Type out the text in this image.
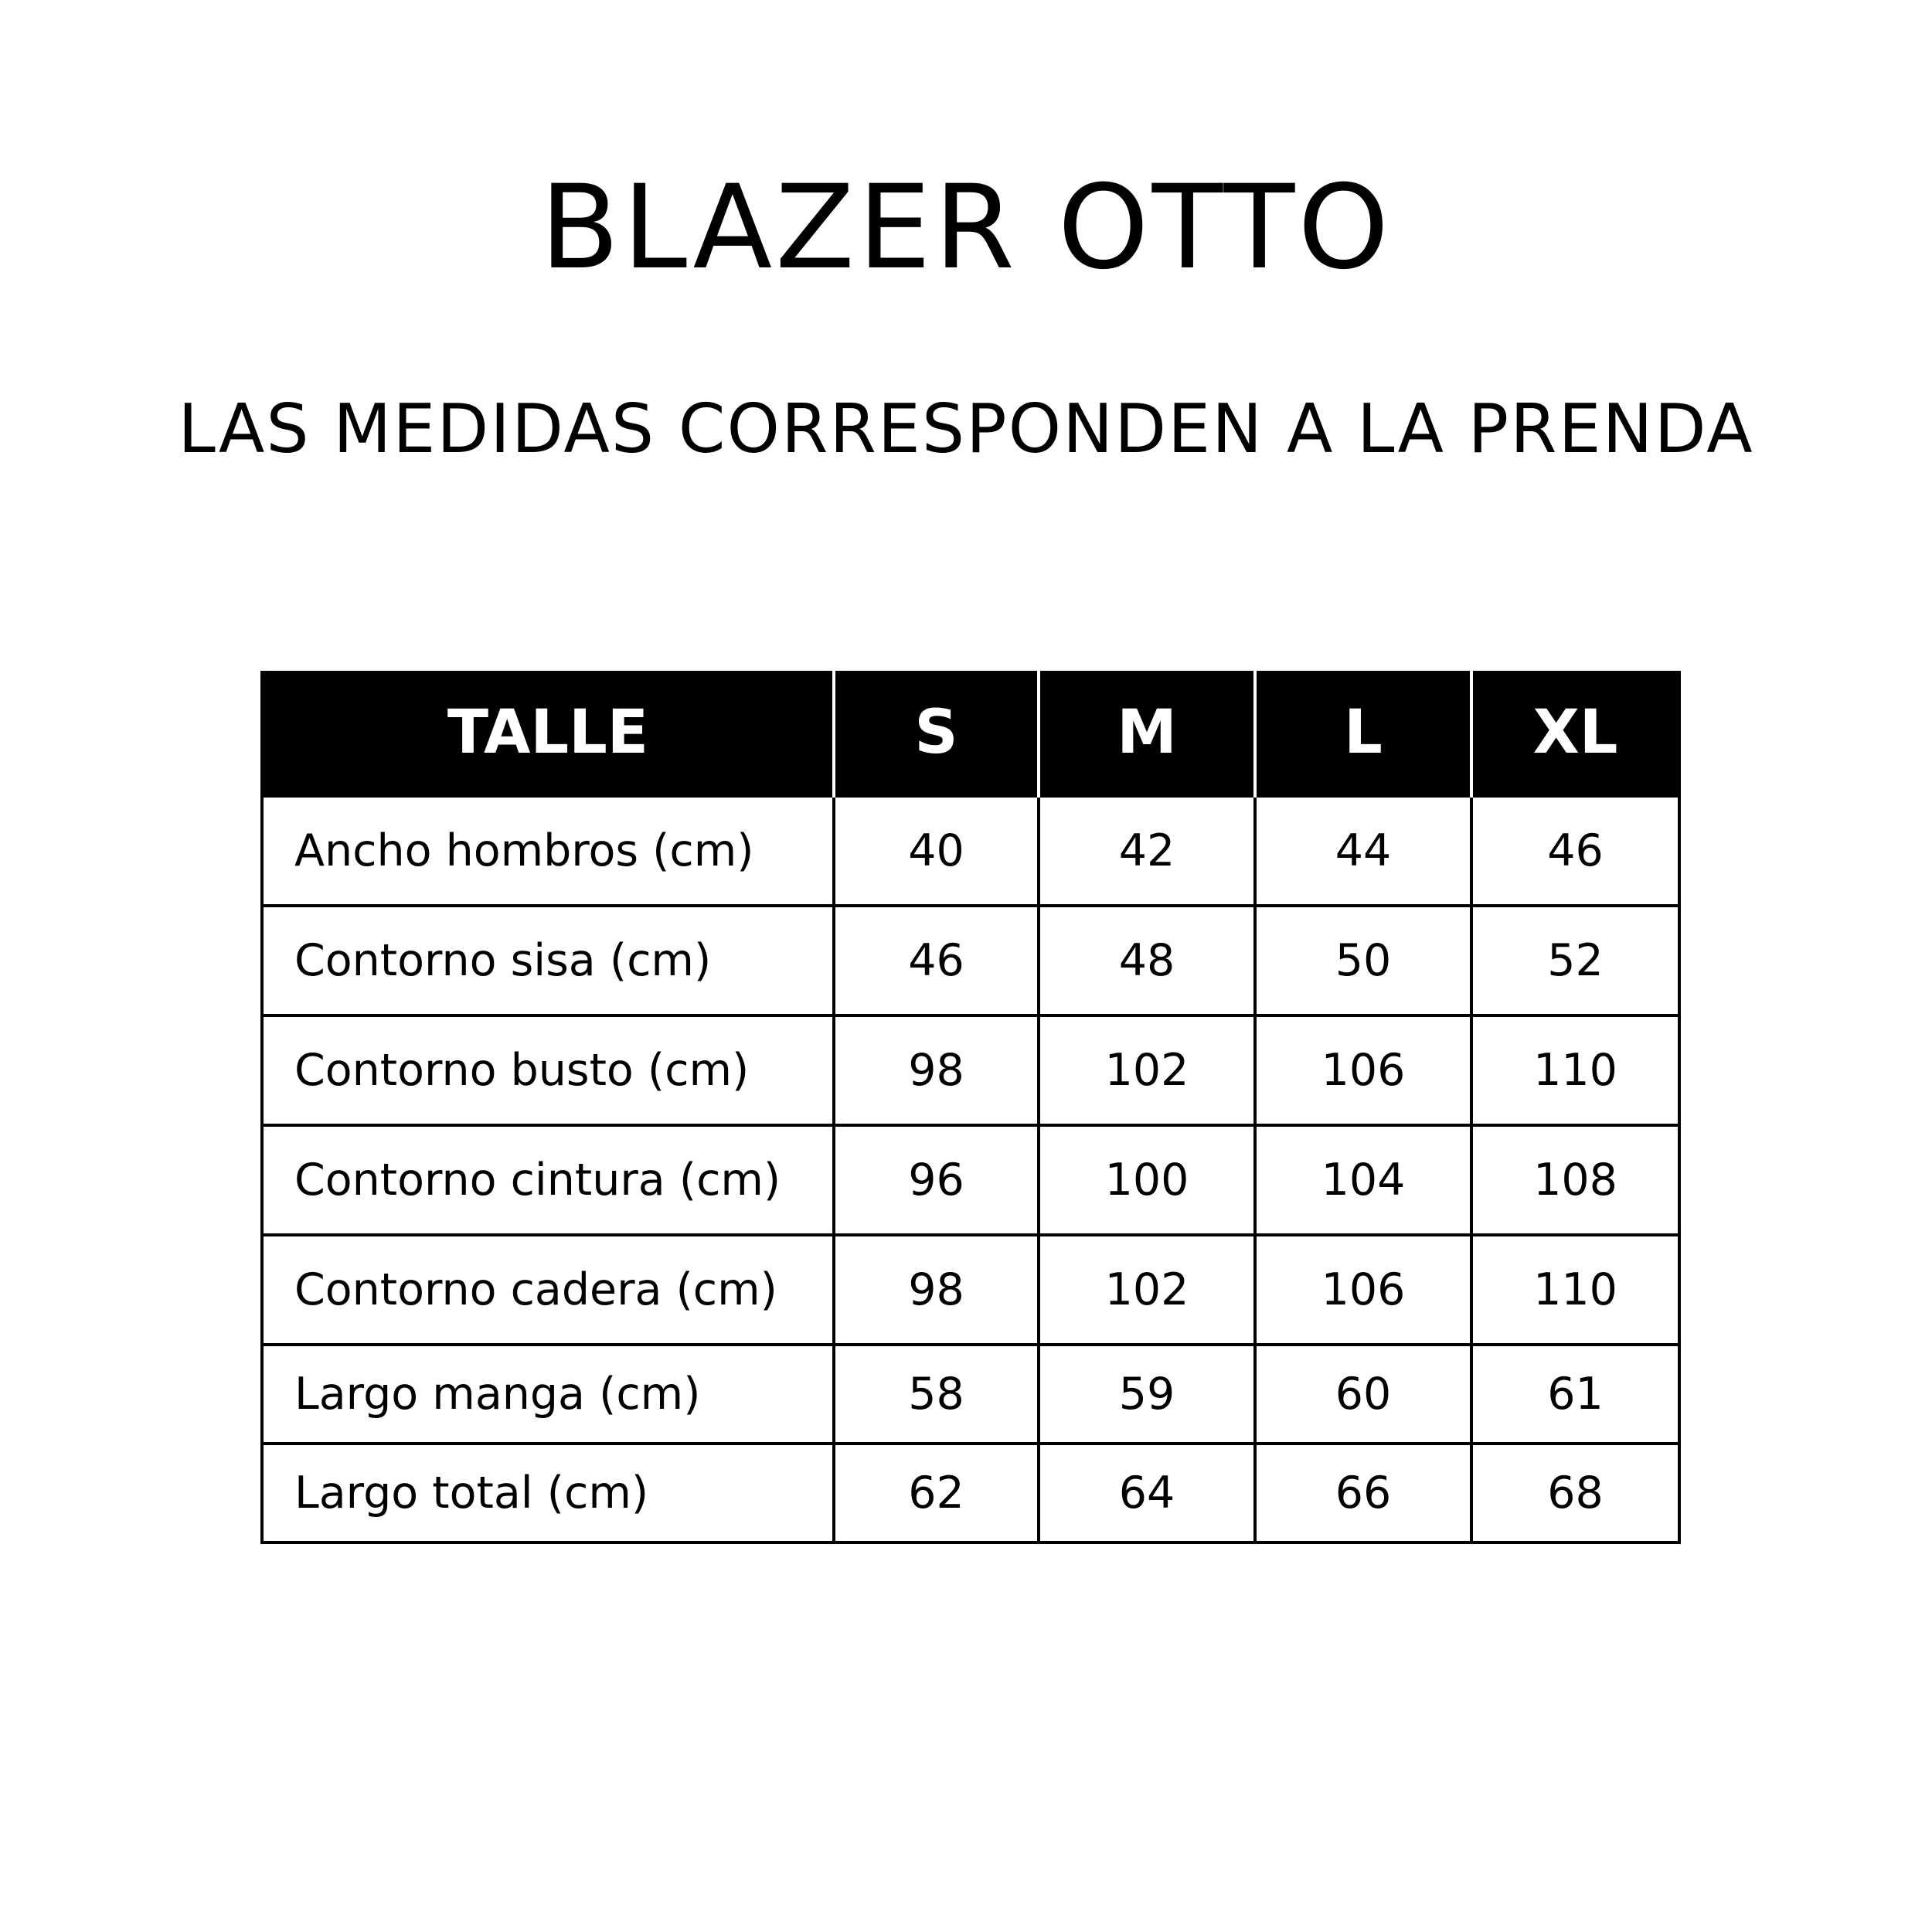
BLAZER OTTO
LAS MEDIDAS CORRESPONDEN A LA PRENDA
TALLE	S	M	L	XL
Ancho hombros (cm)	40	42	44	46
Contorno sisa (cm)	46	48	50	52
Contorno busto (cm)	98	102	106	110
Contorno cintura (cm)	96	100	104	108
Contorno cadera (cm)	98	102	106	110
Largo manga (cm)	58	59	60	61
Largo total (cm)	62	64	66	68
